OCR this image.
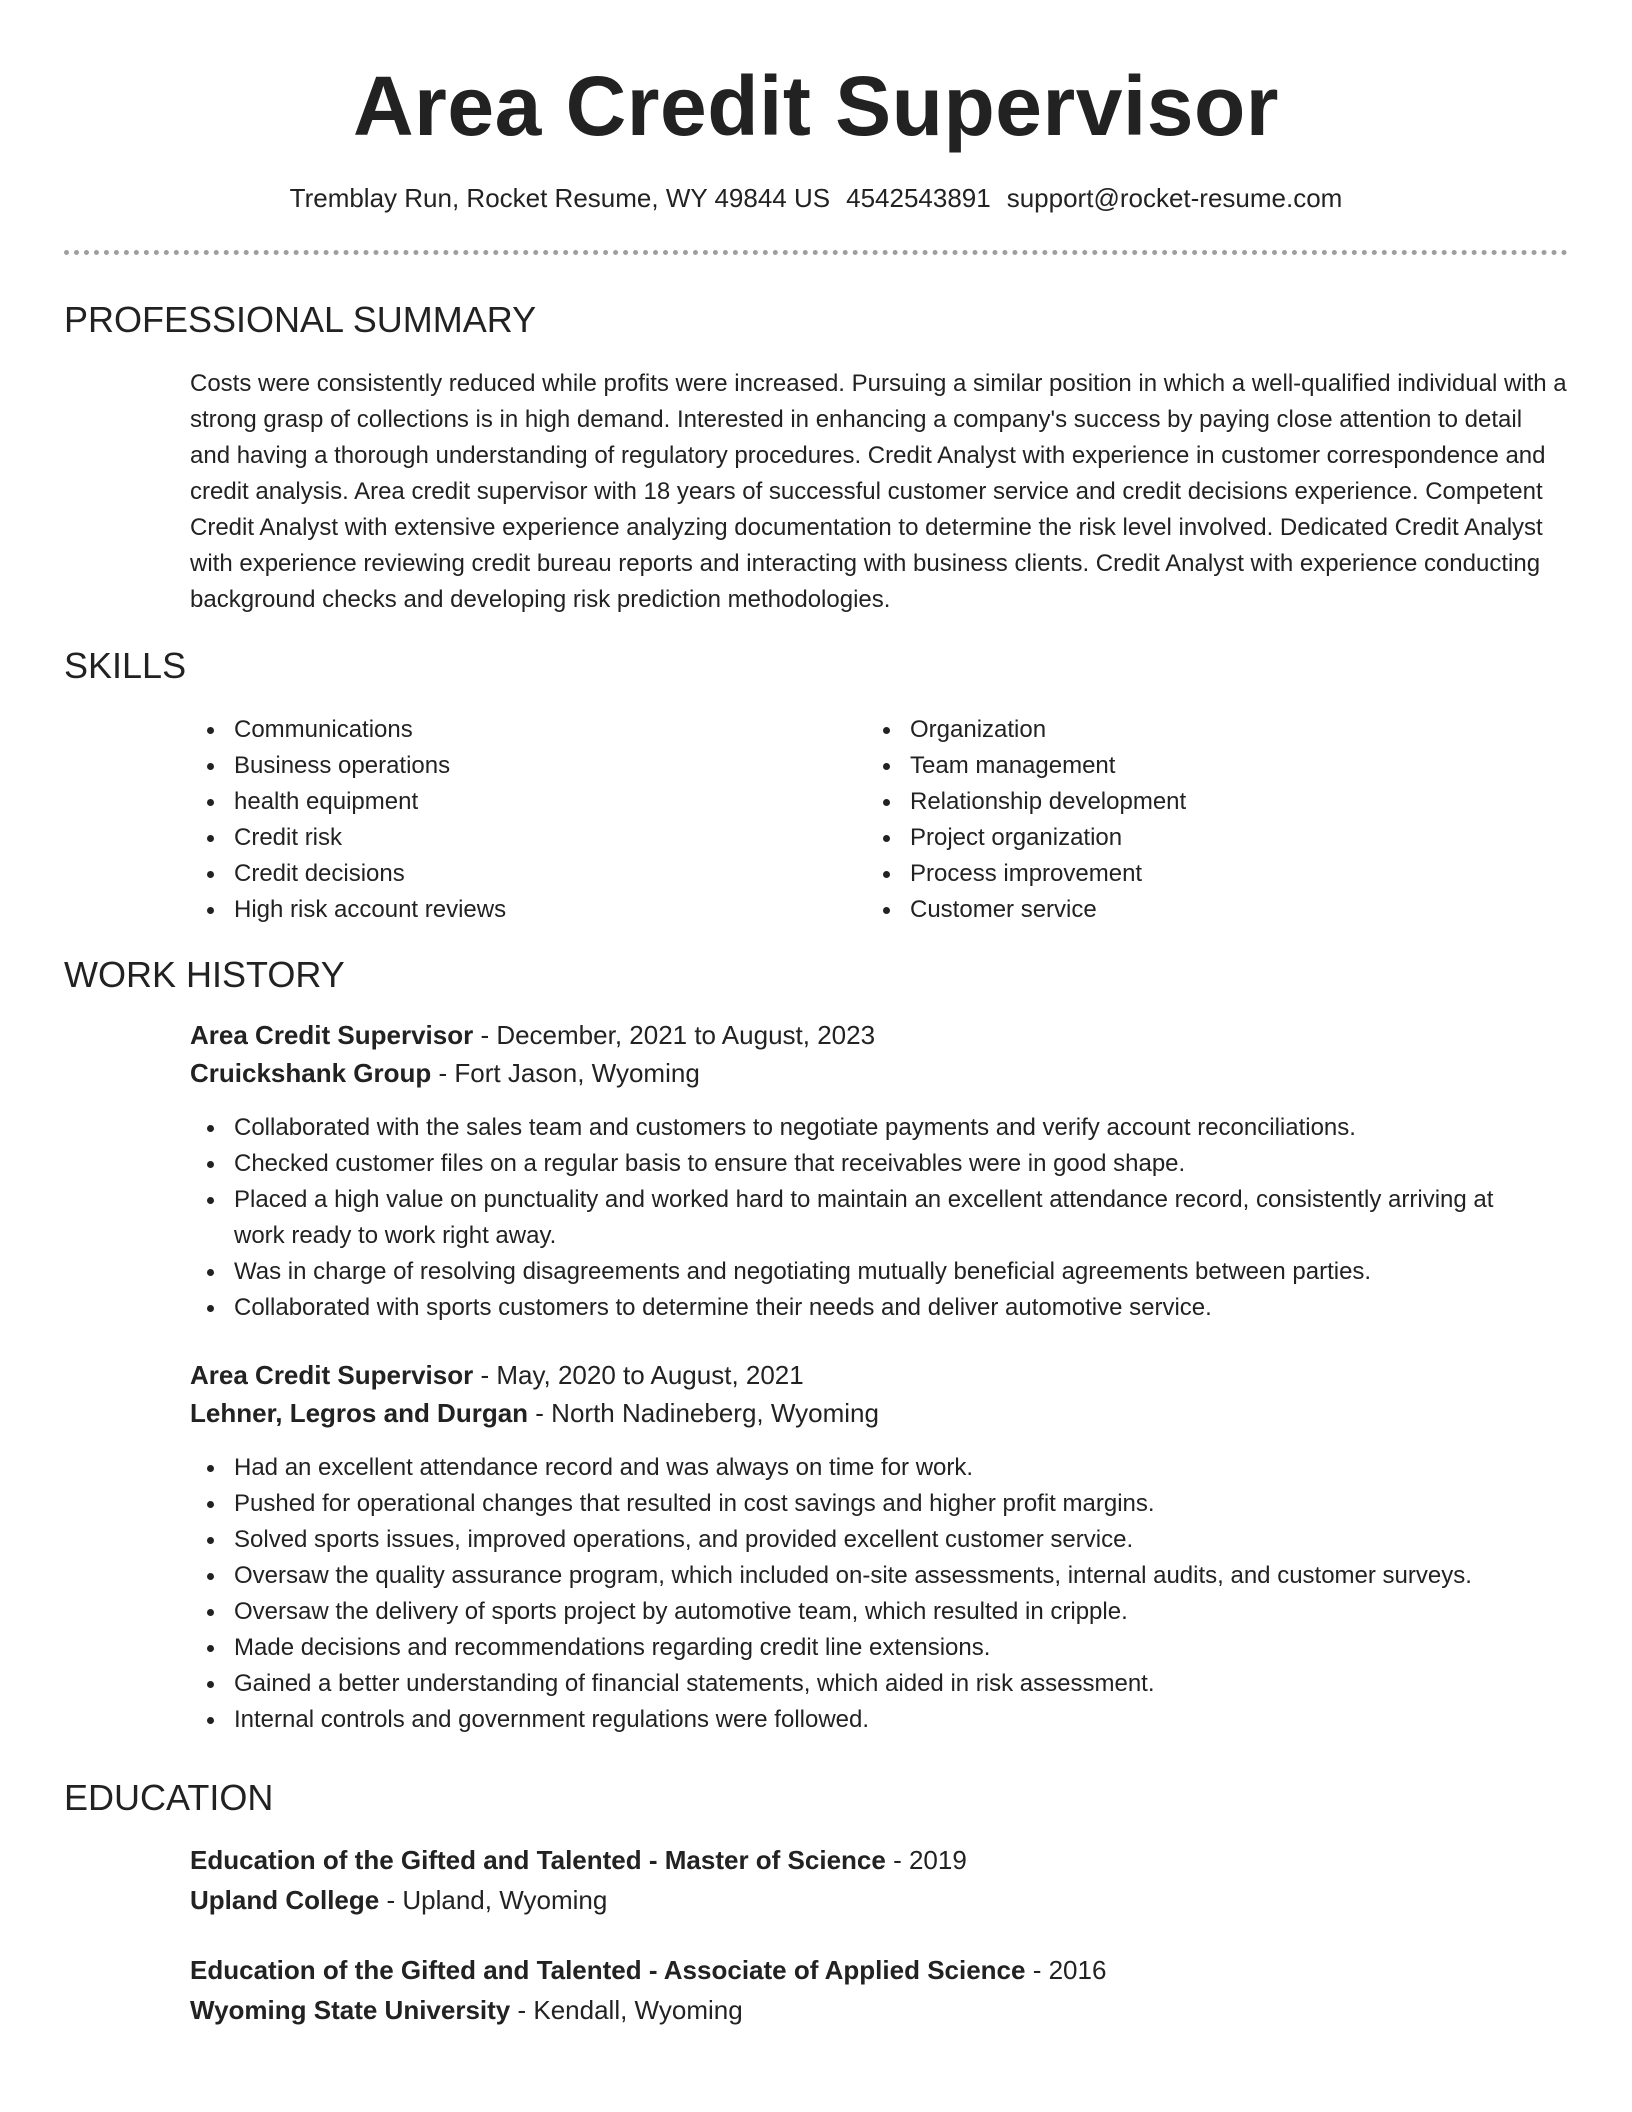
Area Credit Supervisor
Tremblay Run, Rocket Resume, WY 49844 US 4542543891 support@rocket-resume.com
PROFESSIONAL SUMMARY
Costs were consistently reduced while profits were increased. Pursuing a similar position in which a well-qualified individual with a strong grasp of collections is in high demand. Interested in enhancing a company's success by paying close attention to detail and having a thorough understanding of regulatory procedures. Credit Analyst with experience in customer correspondence and credit analysis. Area credit supervisor with 18 years of successful customer service and credit decisions experience. Competent Credit Analyst with extensive experience analyzing documentation to determine the risk level involved. Dedicated Credit Analyst with experience reviewing credit bureau reports and interacting with business clients. Credit Analyst with experience conducting background checks and developing risk prediction methodologies.
SKILLS
Communications
Business operations
health equipment
Credit risk
Credit decisions
High risk account reviews
Organization
Team management
Relationship development
Project organization
Process improvement
Customer service
WORK HISTORY
Area Credit Supervisor - December, 2021 to August, 2023
Cruickshank Group - Fort Jason, Wyoming
Collaborated with the sales team and customers to negotiate payments and verify account reconciliations.
Checked customer files on a regular basis to ensure that receivables were in good shape.
Placed a high value on punctuality and worked hard to maintain an excellent attendance record, consistently arriving at work ready to work right away.
Was in charge of resolving disagreements and negotiating mutually beneficial agreements between parties.
Collaborated with sports customers to determine their needs and deliver automotive service.
Area Credit Supervisor - May, 2020 to August, 2021
Lehner, Legros and Durgan - North Nadineberg, Wyoming
Had an excellent attendance record and was always on time for work.
Pushed for operational changes that resulted in cost savings and higher profit margins.
Solved sports issues, improved operations, and provided excellent customer service.
Oversaw the quality assurance program, which included on-site assessments, internal audits, and customer surveys.
Oversaw the delivery of sports project by automotive team, which resulted in cripple.
Made decisions and recommendations regarding credit line extensions.
Gained a better understanding of financial statements, which aided in risk assessment.
Internal controls and government regulations were followed.
EDUCATION
Education of the Gifted and Talented - Master of Science - 2019
Upland College - Upland, Wyoming
Education of the Gifted and Talented - Associate of Applied Science - 2016
Wyoming State University - Kendall, Wyoming
